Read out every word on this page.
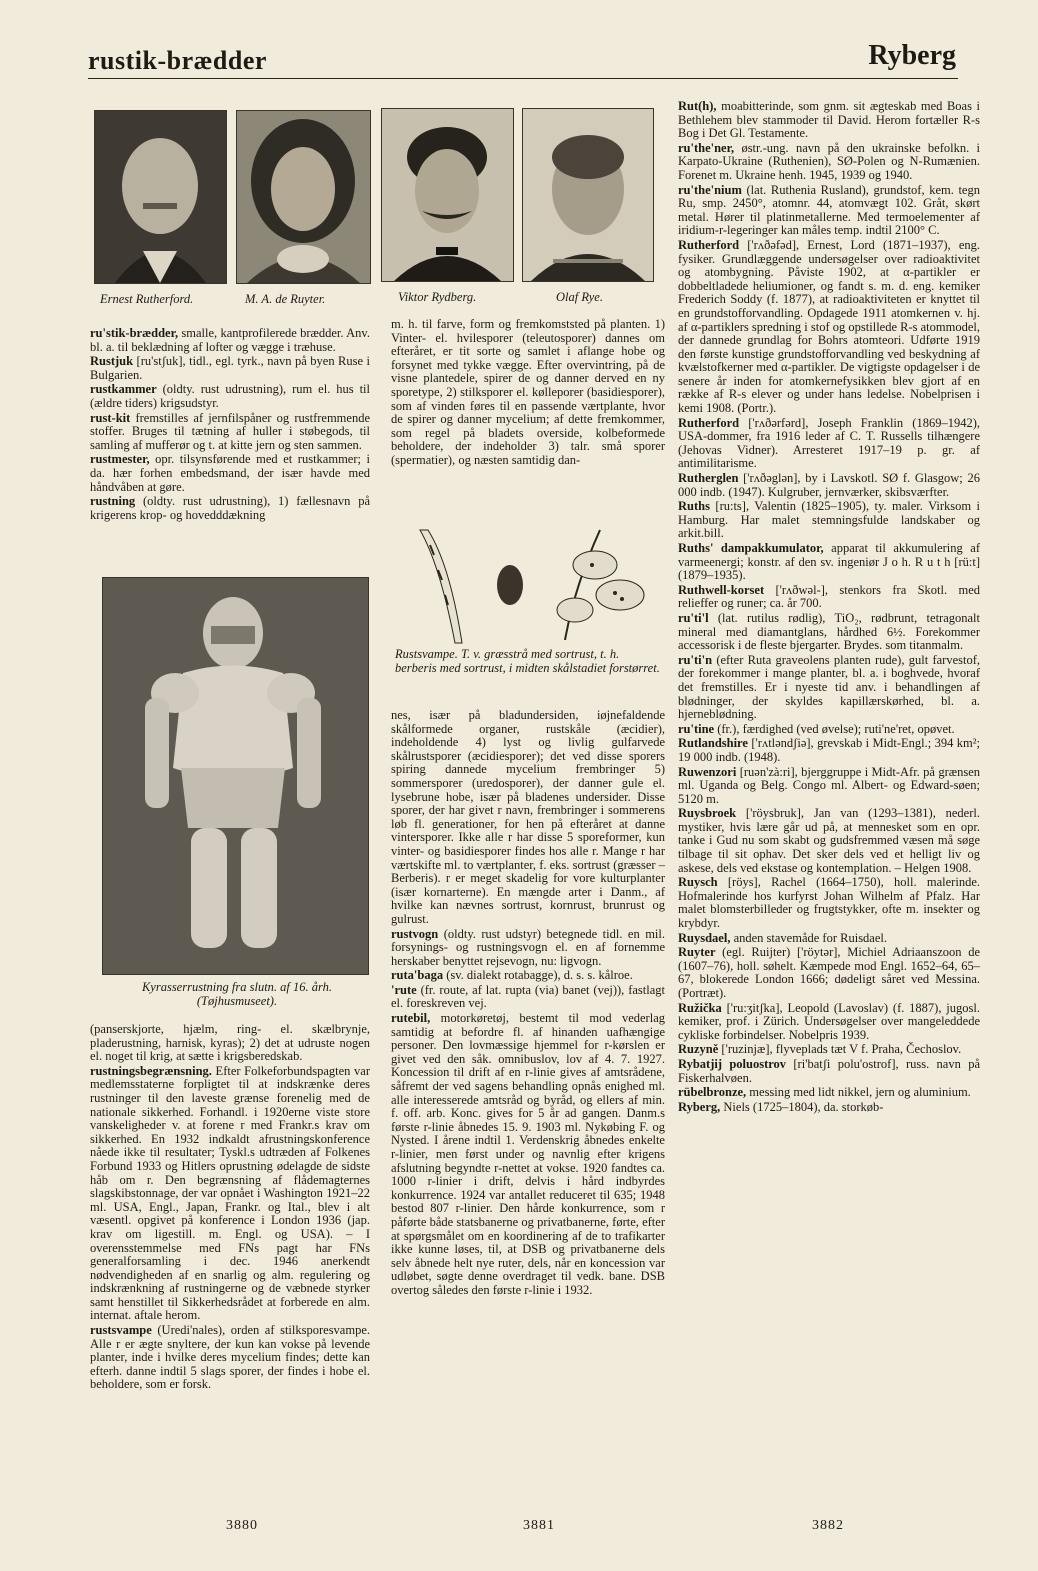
rustik-brædder	Ryberg
Ernest Rutherford.	M. A. de Ruyter.	Viktor Rydberg.	Olaf Rye.

ru'stik-brædder, smalle, kantprofilerede brædder. Anv. bl. a. til beklædning af lofter og vægge i træhuse.

Rustjuk [ru'stʃuk], tidl., egl. tyrk., navn på byen Ruse i Bulgarien.

rustkammer (oldty. rust udrustning), rum el. hus til (ældre tiders) krigsudstyr.

rust-kit fremstilles af jernfilspåner og rustfremmende stoffer. Bruges til tætning af huller i støbegods, til samling af mufferør og t. at kitte jern og sten sammen.

rustmester, opr. tilsynsførende med et rustkammer; i da. hær forhen embedsmand, der især havde med håndvåben at gøre.

rustning (oldty. rust udrustning), 1) fællesnavn på krigerens krop- og hovedddækning

Kyrasserrustning fra slutn. af 16. årh. (Tøjhusmuseet).

(panserskjorte, hjælm, ring- el. skælbrynje, pladerustning, harnisk, kyras); 2) det at udruste nogen el. noget til krig, at sætte i krigsberedskab.

rustningsbegrænsning. Efter Folkeforbundspagten var medlemsstaterne forpligtet til at indskrænke deres rustninger til den laveste grænse forenelig med de nationale sikkerhed. Forhandl. i 1920erne viste store vanskeligheder v. at forene r med Frankr.s krav om sikkerhed. En 1932 indkaldt afrustningskonference nåede ikke til resultater; Tyskl.s udtræden af Folkenes Forbund 1933 og Hitlers oprustning ødelagde de sidste håb om r. Den begrænsning af flådemagternes slagskibstonnage, der var opnået i Washington 1921–22 ml. USA, Engl., Japan, Frankr. og Ital., blev i alt væsentl. opgivet på konference i London 1936 (jap. krav om ligestill. m. Engl. og USA). – I overensstemmelse med FNs pagt har FNs generalforsamling i dec. 1946 anerkendt nødvendigheden af en snarlig og alm. regulering og indskrænkning af rustningerne og de væbnede styrker samt henstillet til Sikkerhedsrådet at forberede en alm. internat. aftale herom.

rustsvampe (Uredi'nales), orden af stilksporesvampe. Alle r er ægte snyltere, der kun kan vokse på levende planter, inde i hvilke deres mycelium findes; dette kan efterh. danne indtil 5 slags sporer, der findes i hobe el. beholdere, som er forsk.

m. h. til farve, form og fremkomststed på planten. 1) Vinter- el. hvilesporer (teleutosporer) dannes om efteråret, er tit sorte og samlet i aflange hobe og forsynet med tykke vægge. Efter overvintring, på de visne plantedele, spirer de og danner derved en ny sporetype, 2) stilksporer el. kølleporer (basidiesporer), som af vinden føres til en passende værtplante, hvor de spirer og danner mycelium; af dette fremkommer, som regel på bladets overside, kolbeformede beholdere, der indeholder 3) talr. små sporer (spermatier), og næsten samtidig dan-

Rustsvampe. T. v. græsstrå med sortrust, t. h. berberis med sortrust, i midten skålstadiet forstørret.

nes, især på bladundersiden, iøjnefaldende skålformede organer, rustskåle (æcidier), indeholdende 4) lyst og livlig gulfarvede skålrustsporer (æcidiesporer); det ved disse sporers spiring dannede mycelium frembringer 5) sommersporer (uredosporer), der danner gule el. lysebrune hobe, især på bladenes undersider. Disse sporer, der har givet r navn, frembringer i sommerens løb fl. generationer, for hen på efteråret at danne vintersporer. Ikke alle r har disse 5 sporeformer, kun vinter- og basidiesporer findes hos alle r. Mange r har værtskifte ml. to værtplanter, f. eks. sortrust (græsser – Berberis). r er meget skadelig for vore kulturplanter (især kornarterne). En mængde arter i Danm., af hvilke kan nævnes sortrust, kornrust, brunrust og gulrust.

rustvogn (oldty. rust udstyr) betegnede tidl. en mil. forsynings- og rustningsvogn el. en af fornemme herskaber benyttet rejsevogn, nu: ligvogn.

ruta'baga (sv. dialekt rotabagge), d. s. s. kålroe.

'rute (fr. route, af lat. rupta (via) banet (vej)), fastlagt el. foreskreven vej.

rutebil, motorkøretøj, bestemt til mod vederlag samtidig at befordre fl. af hinanden uafhængige personer. Den lovmæssige hjemmel for r-kørslen er givet ved den såk. omnibuslov, lov af 4. 7. 1927. Koncession til drift af en r-linie gives af amtsrådene, såfremt der ved sagens behandling opnås enighed ml. alle interesserede amtsråd og byråd, og ellers af min. f. off. arb. Konc. gives for 5 år ad gangen. Danm.s første r-linie åbnedes 15. 9. 1903 ml. Nykøbing F. og Nysted. I årene indtil 1. Verdenskrig åbnedes enkelte r-linier, men først under og navnlig efter krigens afslutning begyndte r-nettet at vokse. 1920 fandtes ca. 1000 r-linier i drift, delvis i hård indbyrdes konkurrence. 1924 var antallet reduceret til 635; 1948 bestod 807 r-linier. Den hårde konkurrence, som r påførte både statsbanerne og privatbanerne, førte, efter at spørgsmålet om en koordinering af de to trafikarter ikke kunne løses, til, at DSB og privatbanerne dels selv åbnede helt nye ruter, dels, når en koncession var udløbet, søgte denne overdraget til vedk. bane. DSB overtog således den første r-linie i 1932.

Rut(h), moabitterinde, som gnm. sit ægteskab med Boas i Bethlehem blev stammoder til David. Herom fortæller R-s Bog i Det Gl. Testamente.

ru'the'ner, østr.-ung. navn på den ukrainske befolkn. i Karpato-Ukraine (Ruthenien), SØ-Polen og N-Rumænien. Forenet m. Ukraine henh. 1945, 1939 og 1940.

ru'the'nium (lat. Ruthenia Rusland), grundstof, kem. tegn Ru, smp. 2450°, atomnr. 44, atomvægt 102. Gråt, skørt metal. Hører til platinmetallerne. Med termoelementer af iridium-r-legeringer kan måles temp. indtil 2100° C.

Rutherford ['rʌðəfəd], Ernest, Lord (1871–1937), eng. fysiker. Grundlæggende undersøgelser over radioaktivitet og atombygning. Påviste 1902, at α-partikler er dobbeltladede heliumioner, og fandt s. m. d. eng. kemiker Frederich Soddy (f. 1877), at radioaktiviteten er knyttet til en grundstofforvandling. Opdagede 1911 atomkernen v. hj. af α-partiklers spredning i stof og opstillede R-s atommodel, der dannede grundlag for Bohrs atomteori. Udførte 1919 den første kunstige grundstofforvandling ved beskydning af kvælstofkerner med α-partikler. De vigtigste opdagelser i de senere år inden for atomkernefysikken blev gjort af en række af R-s elever og under hans ledelse. Nobelprisen i kemi 1908. (Portr.).

Rutherford ['rʌðərfərd], Joseph Franklin (1869–1942), USA-dommer, fra 1916 leder af C. T. Russells tilhængere (Jehovas Vidner). Arresteret 1917–19 p. gr. af antimilitarisme.

Rutherglen ['rʌðəglən], by i Lavskotl. SØ f. Glasgow; 26 000 indb. (1947). Kulgruber, jernværker, skibsværfter.

Ruths [ru:ts], Valentin (1825–1905), ty. maler. Virksom i Hamburg. Har malet stemningsfulde landskaber og arkit.bill.

Ruths' dampakkumulator, apparat til akkumulering af varmeenergi; konstr. af den sv. ingeniør J o h. R u t h [rü:t] (1879–1935).

Ruthwell-korset ['rʌðwəl-], stenkors fra Skotl. med relieffer og runer; ca. år 700.

ru'ti'l (lat. rutilus rødlig), TiO₂, rødbrunt, tetragonalt mineral med diamantglans, hårdhed 6½. Forekommer accessorisk i de fleste bjergarter. Brydes. som titanmalm.

ru'ti'n (efter Ruta graveolens planten rude), gult farvestof, der forekommer i mange planter, bl. a. i boghvede, hvoraf det fremstilles. Er i nyeste tid anv. i behandlingen af blødninger, der skyldes kapillærskørhed, bl. a. hjerneblødning.

ru'tine (fr.), færdighed (ved øvelse); ruti'ne'ret, opøvet.

Rutlandshire ['rʌtləndʃiə], grevskab i Midt-Engl.; 394 km²; 19 000 indb. (1948).

Ruwenzori [ruən'zà:ri], bjerggruppe i Midt-Afr. på grænsen ml. Uganda og Belg. Congo ml. Albert- og Edward-søen; 5120 m.

Ruysbroek ['röysbruk], Jan van (1293–1381), nederl. mystiker, hvis lære går ud på, at mennesket som en opr. tanke i Gud nu som skabt og gudsfremmed væsen må søge tilbage til sit ophav. Det sker dels ved et helligt liv og askese, dels ved ekstase og kontemplation. – Helgen 1908.

Ruysch [röys], Rachel (1664–1750), holl. malerinde. Hofmalerinde hos kurfyrst Johan Wilhelm af Pfalz. Har malet blomsterbilleder og frugtstykker, ofte m. insekter og krybdyr.

Ruysdael, anden stavemåde for Ruisdael.

Ruyter (egl. Ruijter) ['röytər], Michiel Adriaanszoon de (1607–76), holl. søhelt. Kæmpede mod Engl. 1652–64, 65–67, blokerede London 1666; dødeligt såret ved Messina. (Portræt).

Ružička ['ru:ʒitʃka], Leopold (Lavoslav) (f. 1887), jugosl. kemiker, prof. i Zürich. Undersøgelser over mangeleddede cykliske forbindelser. Nobelpris 1939.

Ruzyně ['ruzinjæ], flyveplads tæt V f. Praha, Čechoslov.

Rybatjij poluostrov [ri'batʃi polu'ostrof], russ. navn på Fiskerhalvøen.

rübelbronze, messing med lidt nikkel, jern og aluminium.

Ryberg, Niels (1725–1804), da. storkøb-

3880	3881	3882
